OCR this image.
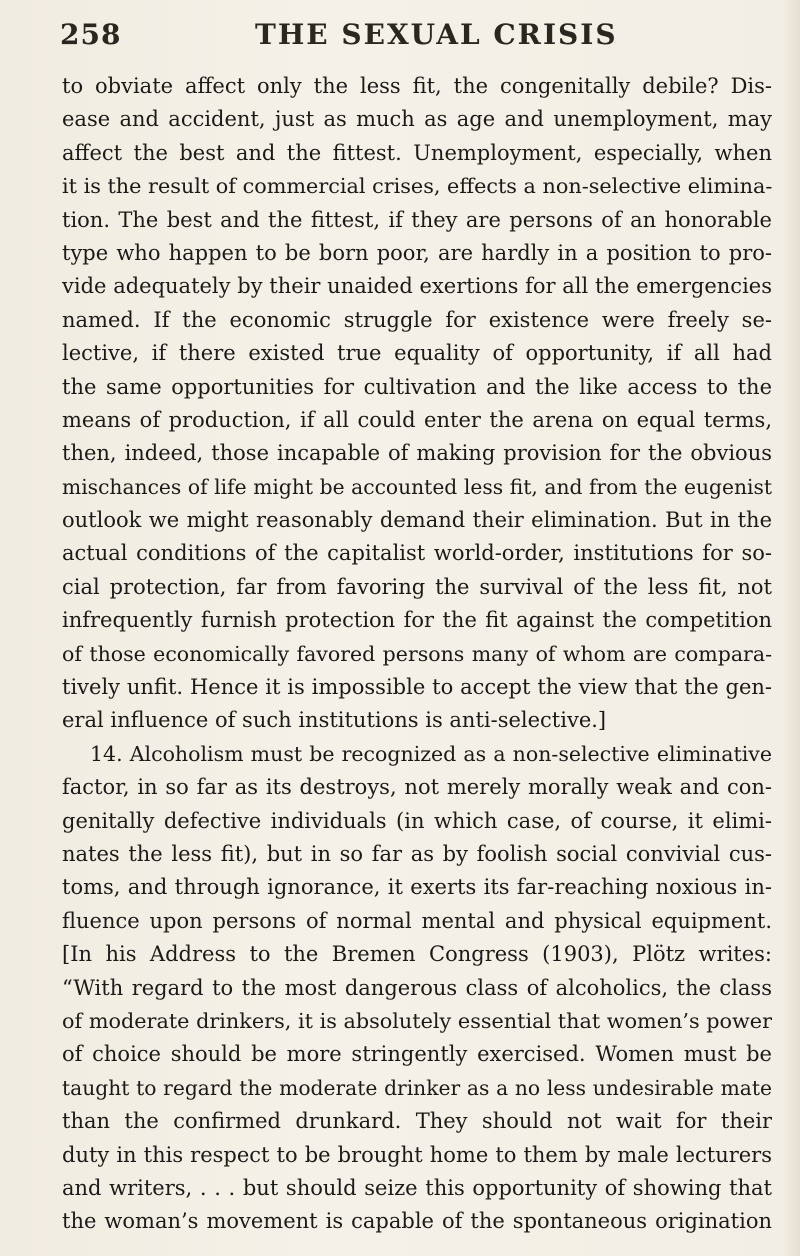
258	THE SEXUAL CRISIS
to obviate affect only the less fit, the congenitally debile? Dis-
ease and accident, just as much as age and unemployment, may
affect the best and the fittest. Unemployment, especially, when
it is the result of commercial crises, effects a non-selective elimina-
tion. The best and the fittest, if they are persons of an honorable
type who happen to be born poor, are hardly in a position to pro-
vide adequately by their unaided exertions for all the emergencies
named. If the economic struggle for existence were freely se-
lective, if there existed true equality of opportunity, if all had
the same opportunities for cultivation and the like access to the
means of production, if all could enter the arena on equal terms,
then, indeed, those incapable of making provision for the obvious
mischances of life might be accounted less fit, and from the eugenist
outlook we might reasonably demand their elimination. But in the
actual conditions of the capitalist world-order, institutions for so-
cial protection, far from favoring the survival of the less fit, not
infrequently furnish protection for the fit against the competition
of those economically favored persons many of whom are compara-
tively unfit. Hence it is impossible to accept the view that the gen-
eral influence of such institutions is anti-selective.]
14. Alcoholism must be recognized as a non-selective eliminative
factor, in so far as its destroys, not merely morally weak and con-
genitally defective individuals (in which case, of course, it elimi-
nates the less fit), but in so far as by foolish social convivial cus-
toms, and through ignorance, it exerts its far-reaching noxious in-
fluence upon persons of normal mental and physical equipment.
[In his Address to the Bremen Congress (1903), Plötz writes:
“With regard to the most dangerous class of alcoholics, the class
of moderate drinkers, it is absolutely essential that women’s power
of choice should be more stringently exercised. Women must be
taught to regard the moderate drinker as a no less undesirable mate
than the confirmed drunkard. They should not wait for their
duty in this respect to be brought home to them by male lecturers
and writers, . . . but should seize this opportunity of showing that
the woman’s movement is capable of the spontaneous origination
